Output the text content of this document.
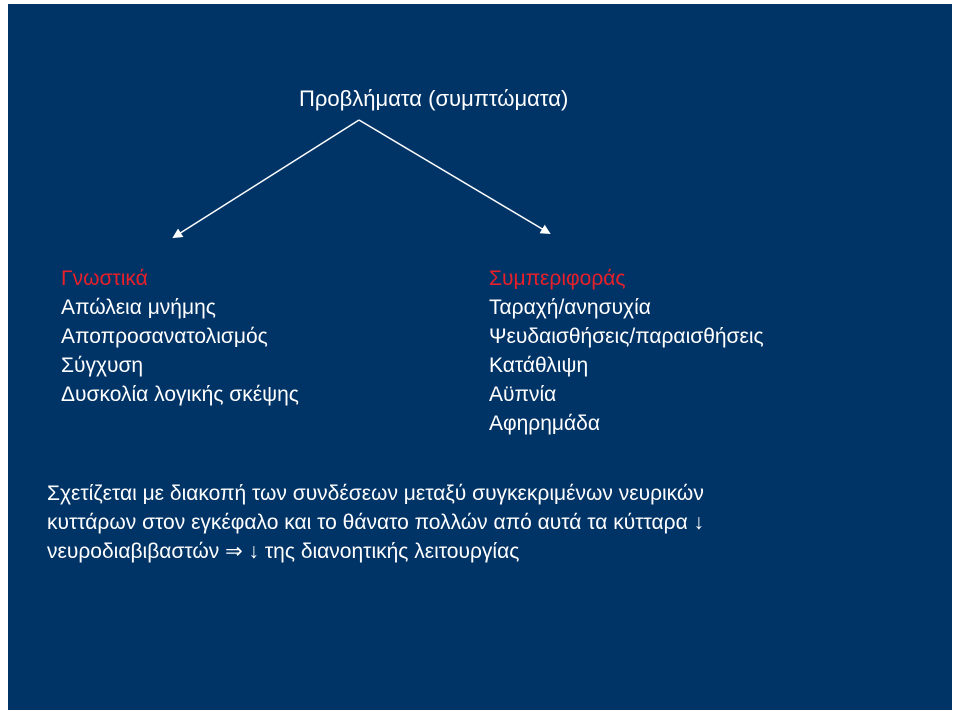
Προβλήματα (συμπτώματα)
Γνωστικά
Απώλεια μνήμης
Αποπροσανατολισμός
Σύγχυση
Δυσκολία λογικής σκέψης
Συμπεριφοράς
Ταραχή/ανησυχία
Ψευδαισθήσεις/παραισθήσεις
Κατάθλιψη
Αϋπνία
Αφηρημάδα
Σχετίζεται με διακοπή των συνδέσεων μεταξύ συγκεκριμένων νευρικών
κυττάρων στον εγκέφαλο και το θάνατο πολλών από αυτά τα κύτταρα ↓
νευροδιαβιβαστών ⇒ ↓ της διανοητικής λειτουργίας
